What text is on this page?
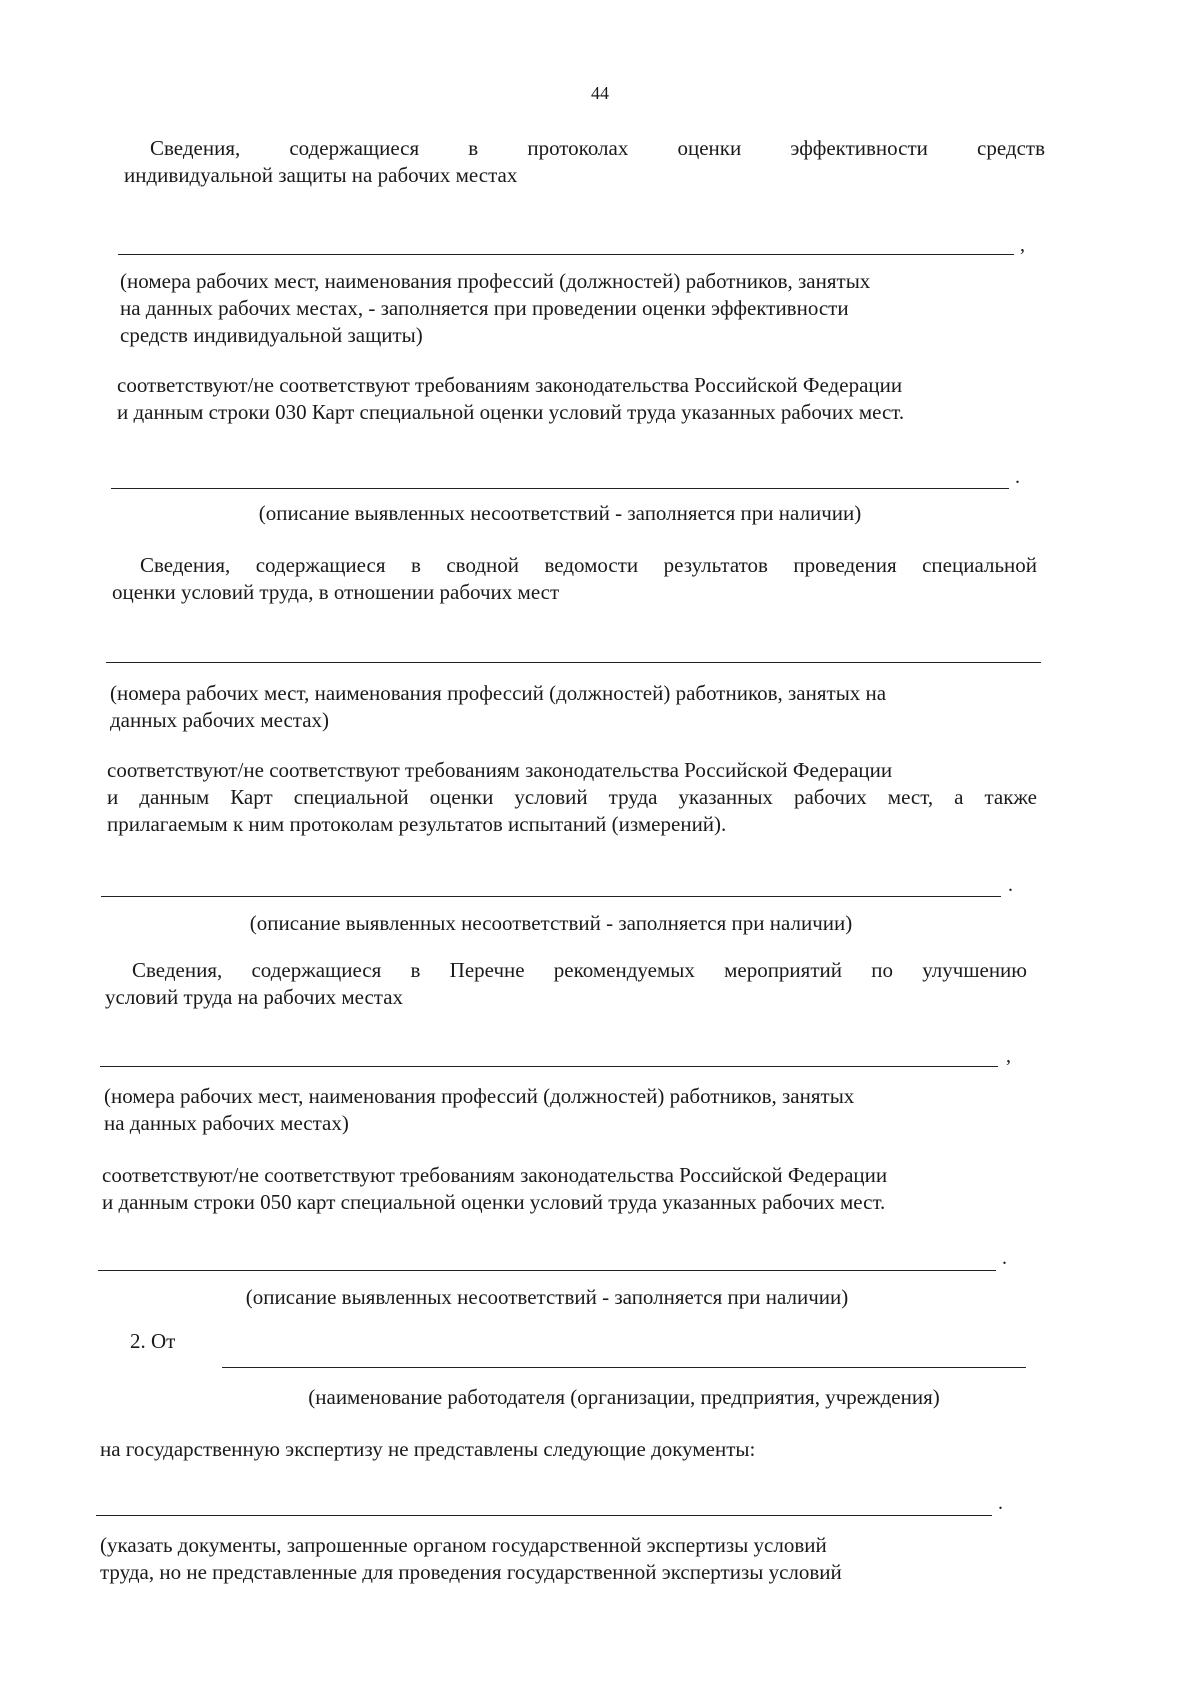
44
Сведения, содержащиеся в протоколах оценки эффективности средств
индивидуальной защиты на рабочих местах
,
(номера рабочих мест, наименования профессий (должностей) работников, занятых
на данных рабочих местах, - заполняется при проведении оценки эффективности
средств индивидуальной защиты)
соответствуют/не соответствуют требованиям законодательства Российской Федерации
и данным строки 030 Карт специальной оценки условий труда указанных рабочих мест.
.
(описание выявленных несоответствий - заполняется при наличии)
Сведения, содержащиеся в сводной ведомости результатов проведения специальной
оценки условий труда, в отношении рабочих мест
(номера рабочих мест, наименования профессий (должностей) работников, занятых на
данных рабочих местах)
соответствуют/не соответствуют требованиям законодательства Российской Федерации
и данным Карт специальной оценки условий труда указанных рабочих мест, а также
прилагаемым к ним протоколам результатов испытаний (измерений).
.
(описание выявленных несоответствий - заполняется при наличии)
Сведения, содержащиеся в Перечне рекомендуемых мероприятий по улучшению
условий труда на рабочих местах
,
(номера рабочих мест, наименования профессий (должностей) работников, занятых
на данных рабочих местах)
соответствуют/не соответствуют требованиям законодательства Российской Федерации
и данным строки 050 карт специальной оценки условий труда указанных рабочих мест.
.
(описание выявленных несоответствий - заполняется при наличии)
2. От
(наименование работодателя (организации, предприятия, учреждения)
на государственную экспертизу не представлены следующие документы:
.
(указать документы, запрошенные органом государственной экспертизы условий
труда, но не представленные для проведения государственной экспертизы условий
